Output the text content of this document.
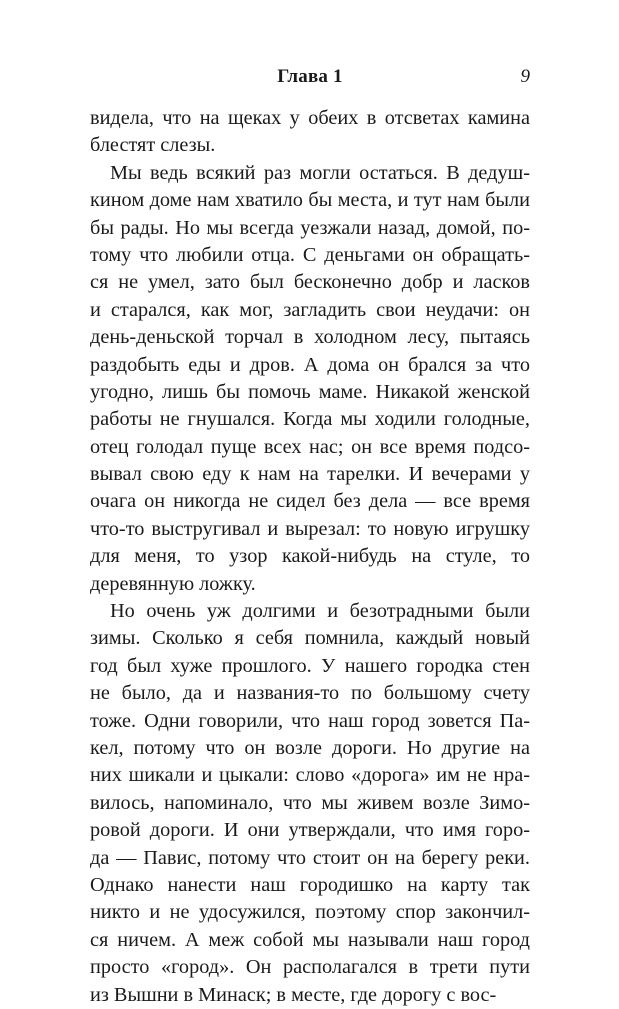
Глава 1	9
видела, что на щеках у обеих в отсветах камина
блестят слезы.
Мы ведь всякий раз могли остаться. В дедуш-
кином доме нам хватило бы места, и тут нам были
бы рады. Но мы всегда уезжали назад, домой, по-
тому что любили отца. С деньгами он обращать-
ся не умел, зато был бесконечно добр и ласков
и старался, как мог, загладить свои неудачи: он
день-деньской торчал в холодном лесу, пытаясь
раздобыть еды и дров. А дома он брался за что
угодно, лишь бы помочь маме. Никакой женской
работы не гнушался. Когда мы ходили голодные,
отец голодал пуще всех нас; он все время подсо-
вывал свою еду к нам на тарелки. И вечерами у
очага он никогда не сидел без дела — все время
что-то выстругивал и вырезал: то новую игрушку
для меня, то узор какой-нибудь на стуле, то
деревянную ложку.
Но очень уж долгими и безотрадными были
зимы. Сколько я себя помнила, каждый новый
год был хуже прошлого. У нашего городка стен
не было, да и названия-то по большому счету
тоже. Одни говорили, что наш город зовется Па-
кел, потому что он возле дороги. Но другие на
них шикали и цыкали: слово «дорога» им не нра-
вилось, напоминало, что мы живем возле Зимо-
ровой дороги. И они утверждали, что имя горо-
да — Павис, потому что стоит он на берегу реки.
Однако нанести наш городишко на карту так
никто и не удосужился, поэтому спор закончил-
ся ничем. А меж собой мы называли наш город
просто «город». Он располагался в трети пути
из Вышни в Минаск; в месте, где дорогу с вос-
